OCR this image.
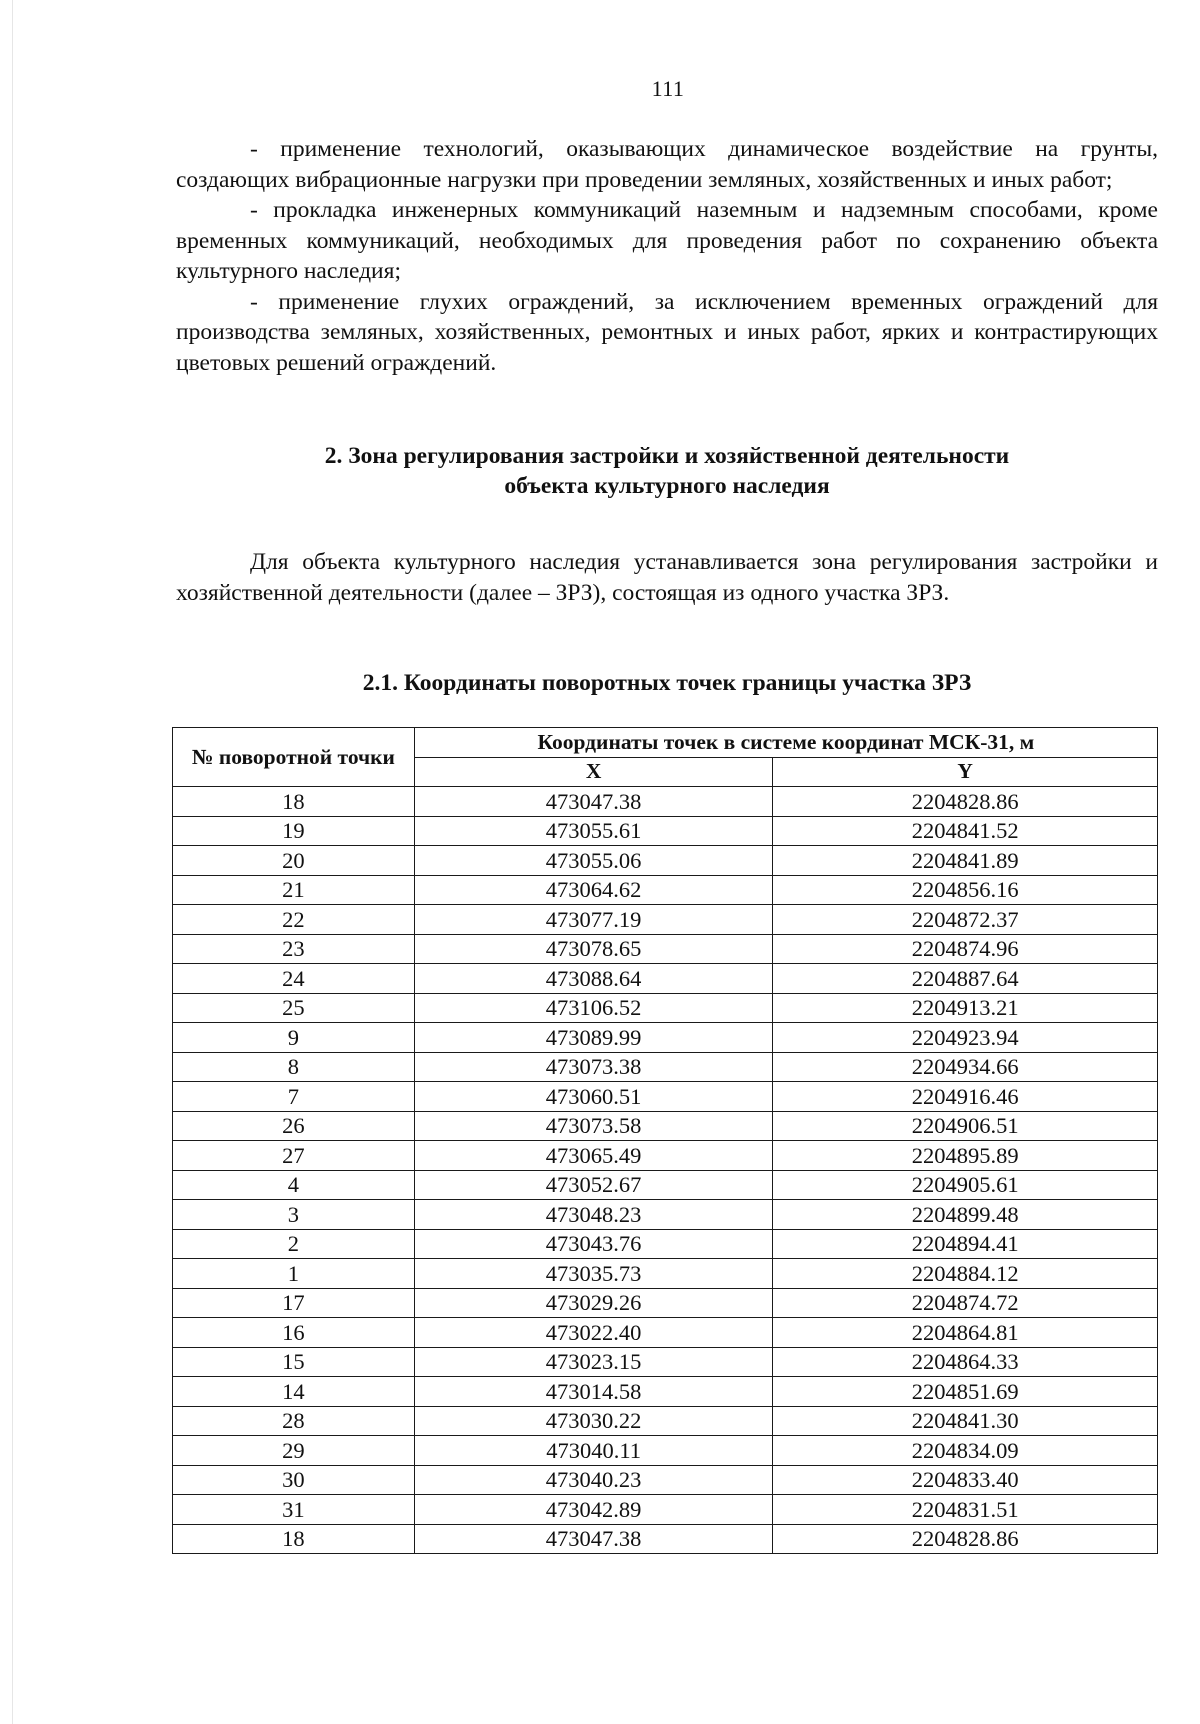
111

- применение технологий, оказывающих динамическое воздействие на грунты, создающих вибрационные нагрузки при проведении земляных, хозяйственных и иных работ;

- прокладка инженерных коммуникаций наземным и надземным способами, кроме временных коммуникаций, необходимых для проведения работ по сохранению объекта культурного наследия;

- применение глухих ограждений, за исключением временных ограждений для производства земляных, хозяйственных, ремонтных и иных работ, ярких и контрастирующих цветовых решений ограждений.

2. Зона регулирования застройки и хозяйственной деятельности
объекта культурного наследия

Для объекта культурного наследия устанавливается зона регулирования застройки и хозяйственной деятельности (далее – ЗРЗ), состоящая из одного участка ЗРЗ.

2.1. Координаты поворотных точек границы участка ЗРЗ
№ поворотной точки	Координаты точек в системе координат МСК-31, м	
	X	Y
18	473047.38	2204828.86
19	473055.61	2204841.52
20	473055.06	2204841.89
21	473064.62	2204856.16
22	473077.19	2204872.37
23	473078.65	2204874.96
24	473088.64	2204887.64
25	473106.52	2204913.21
9	473089.99	2204923.94
8	473073.38	2204934.66
7	473060.51	2204916.46
26	473073.58	2204906.51
27	473065.49	2204895.89
4	473052.67	2204905.61
3	473048.23	2204899.48
2	473043.76	2204894.41
1	473035.73	2204884.12
17	473029.26	2204874.72
16	473022.40	2204864.81
15	473023.15	2204864.33
14	473014.58	2204851.69
28	473030.22	2204841.30
29	473040.11	2204834.09
30	473040.23	2204833.40
31	473042.89	2204831.51
18	473047.38	2204828.86
